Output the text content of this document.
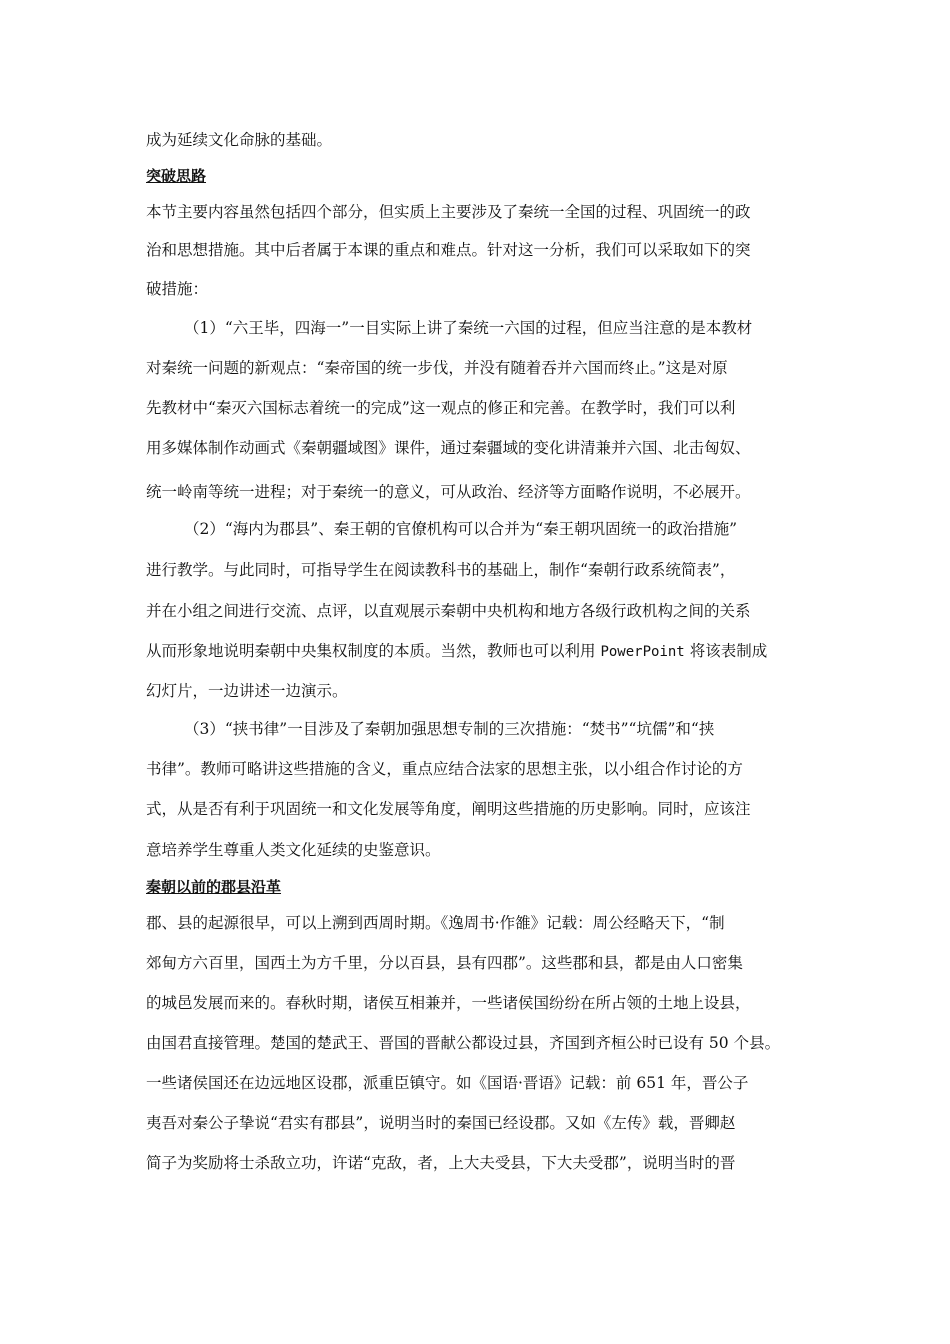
成为延续文化命脉的基础。
突破思路
本节主要内容虽然包括四个部分，但实质上主要涉及了秦统一全国的过程、巩固统一的政
治和思想措施。其中后者属于本课的重点和难点。针对这一分析，我们可以采取如下的突
破措施：
（1）“六王毕，四海一”一目实际上讲了秦统一六国的过程，但应当注意的是本教材
对秦统一问题的新观点：“秦帝国的统一步伐，并没有随着吞并六国而终止。”这是对原
先教材中“秦灭六国标志着统一的完成”这一观点的修正和完善。在教学时，我们可以利
用多媒体制作动画式《秦朝疆域图》课件，通过秦疆域的变化讲清兼并六国、北击匈奴、
统一岭南等统一进程；对于秦统一的意义，可从政治、经济等方面略作说明，不必展开。
（2）“海内为郡县”、秦王朝的官僚机构可以合并为“秦王朝巩固统一的政治措施”
进行教学。与此同时，可指导学生在阅读教科书的基础上，制作“秦朝行政系统简表”，
并在小组之间进行交流、点评，以直观展示秦朝中央机构和地方各级行政机构之间的关系
从而形象地说明秦朝中央集权制度的本质。当然，教师也可以利用 PowerPoint 将该表制成
幻灯片，一边讲述一边演示。
（3）“挟书律”一目涉及了秦朝加强思想专制的三次措施：“焚书”“坑儒”和“挟
书律”。教师可略讲这些措施的含义，重点应结合法家的思想主张，以小组合作讨论的方
式，从是否有利于巩固统一和文化发展等角度，阐明这些措施的历史影响。同时，应该注
意培养学生尊重人类文化延续的史鉴意识。
秦朝以前的郡县沿革
郡、县的起源很早，可以上溯到西周时期。《逸周书·作雒》记载：周公经略天下，“制
郊甸方六百里，国西土为方千里，分以百县，县有四郡”。这些郡和县，都是由人口密集
的城邑发展而来的。春秋时期，诸侯互相兼并，一些诸侯国纷纷在所占领的土地上设县，
由国君直接管理。楚国的楚武王、晋国的晋献公都设过县，齐国到齐桓公时已设有 50 个县。
一些诸侯国还在边远地区设郡，派重臣镇守。如《国语·晋语》记载：前 651 年，晋公子
夷吾对秦公子挚说“君实有郡县”，说明当时的秦国已经设郡。又如《左传》载，晋卿赵
简子为奖励将士杀敌立功，许诺“克敌，者，上大夫受县，下大夫受郡”，说明当时的晋
